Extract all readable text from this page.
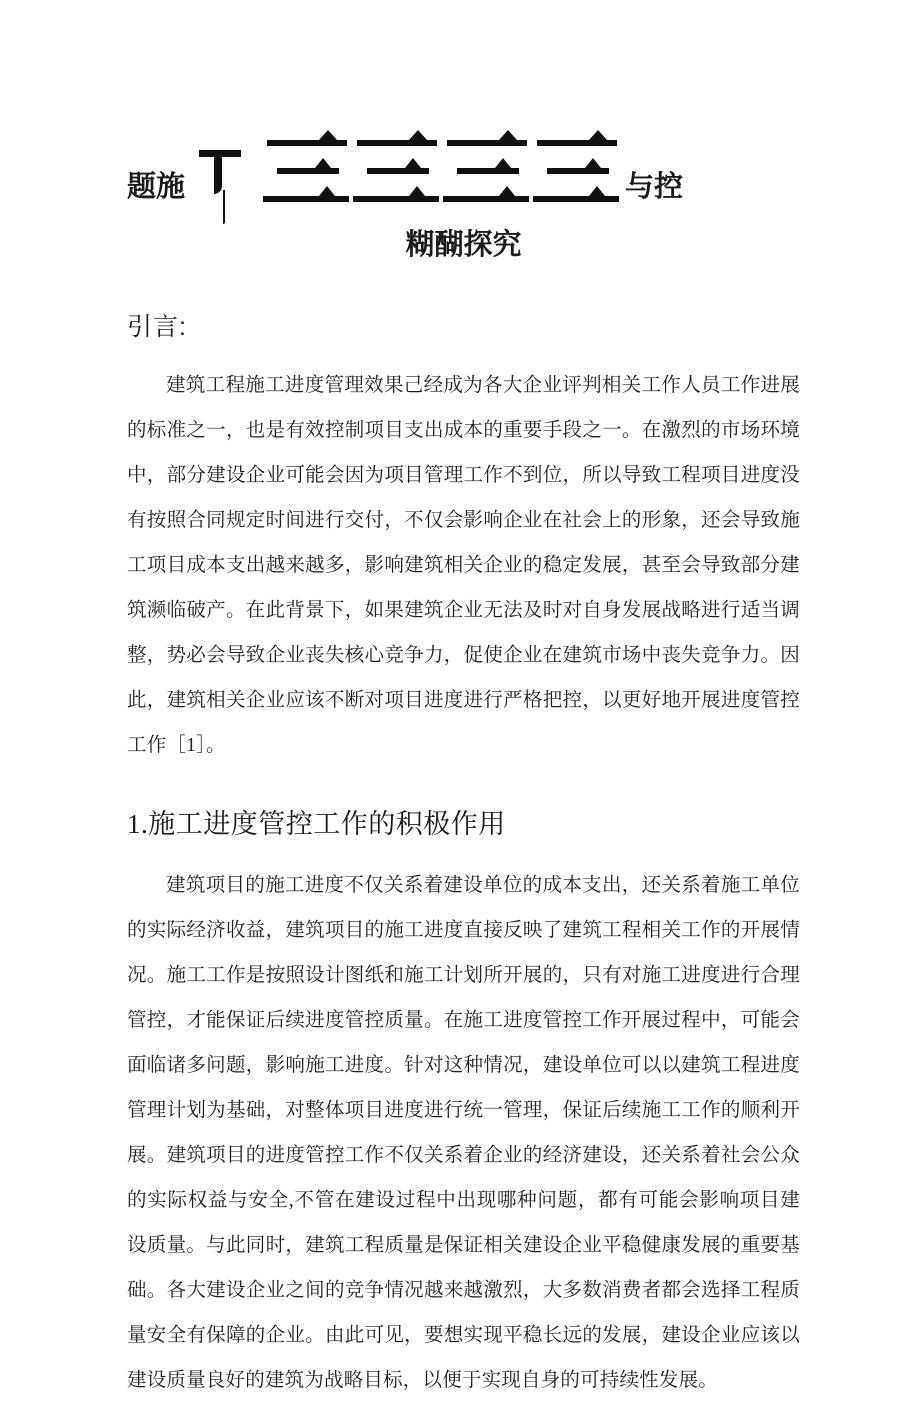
题施	与控
糊醐探究
引言:

建筑工程施工进度管理效果己经成为各大企业评判相关工作人员工作进展的标准之一，也是有效控制项目支出成本的重要手段之一。在激烈的市场环境中，部分建设企业可能会因为项目管理工作不到位，所以导致工程项目进度没有按照合同规定时间进行交付，不仅会影响企业在社会上的形象，还会导致施工项目成本支出越来越多，影响建筑相关企业的稳定发展，甚至会导致部分建筑濒临破产。在此背景下，如果建筑企业无法及时对自身发展战略进行适当调整，势必会导致企业丧失核心竞争力，促使企业在建筑市场中丧失竞争力。因此，建筑相关企业应该不断对项目进度进行严格把控，以更好地开展进度管控工作［1］。

1.施工进度管控工作的积极作用

建筑项目的施工进度不仅关系着建设单位的成本支出，还关系着施工单位的实际经济收益，建筑项目的施工进度直接反映了建筑工程相关工作的开展情况。施工工作是按照设计图纸和施工计划所开展的，只有对施工进度进行合理管控，才能保证后续进度管控质量。在施工进度管控工作开展过程中，可能会面临诸多问题，影响施工进度。针对这种情况，建设单位可以以建筑工程进度管理计划为基础，对整体项目进度进行统一管理，保证后续施工工作的顺利开展。建筑项目的进度管控工作不仅关系着企业的经济建设，还关系着社会公众的实际权益与安全,不管在建设过程中出现哪种问题，都有可能会影响项目建设质量。与此同时，建筑工程质量是保证相关建设企业平稳健康发展的重要基础。各大建设企业之间的竞争情况越来越激烈，大多数消费者都会选择工程质量安全有保障的企业。由此可见，要想实现平稳长远的发展，建设企业应该以建设质量良好的建筑为战略目标，以便于实现自身的可持续性发展。
